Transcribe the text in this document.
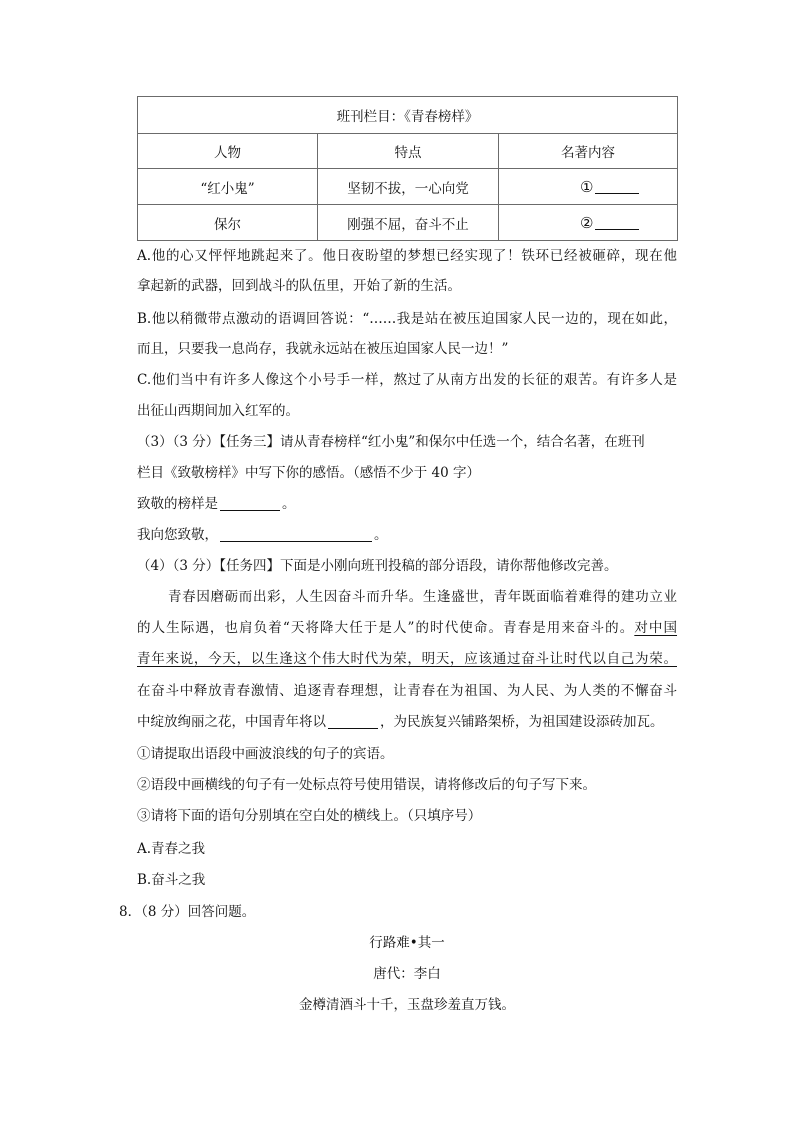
班刊栏目：《青春榜样》		
人物	特点	名著内容
“红小鬼”	坚韧不拔，一心向党	①
保尔	刚强不屈，奋斗不止	②
A.他的心又怦怦地跳起来了。他日夜盼望的梦想已经实现了！铁环已经被砸碎，现在他
拿起新的武器，回到战斗的队伍里，开始了新的生活。
B.他以稍微带点激动的语调回答说：“……我是站在被压迫国家人民一边的，现在如此，
而且，只要我一息尚存，我就永远站在被压迫国家人民一边！”
C.他们当中有许多人像这个小号手一样，熬过了从南方出发的长征的艰苦。有许多人是
出征山西期间加入红军的。
（3）（3 分）【任务三】请从青春榜样“红小鬼”和保尔中任选一个，结合名著，在班刊
栏目《致敬榜样》中写下你的感悟。（感悟不少于 40 字）
致敬的榜样是	。
我向您致敬，	。
（4）（3 分）【任务四】下面是小刚向班刊投稿的部分语段，请你帮他修改完善。
青春因磨砺而出彩，人生因奋斗而升华。生逢盛世，青年既面临着难得的建功立业
的人生际遇，也肩负着“天将降大任于是人”的时代使命。青春是用来奋斗的。对中国
青年来说，今天，以生逢这个伟大时代为荣，明天，应该通过奋斗让时代以自己为荣。
在奋斗中释放青春激情、追逐青春理想，让青春在为祖国、为人民、为人类的不懈奋斗
中绽放绚丽之花，中国青年将以	，为民族复兴铺路架桥，为祖国建设添砖加瓦。
①请提取出语段中画波浪线的句子的宾语。
②语段中画横线的句子有一处标点符号使用错误，请将修改后的句子写下来。
③请将下面的语句分别填在空白处的横线上。（只填序号）
A.青春之我
B.奋斗之我
8．（8 分）回答问题。
行路难•其一
唐代：李白
金樽清酒斗十千，玉盘珍羞直万钱。
